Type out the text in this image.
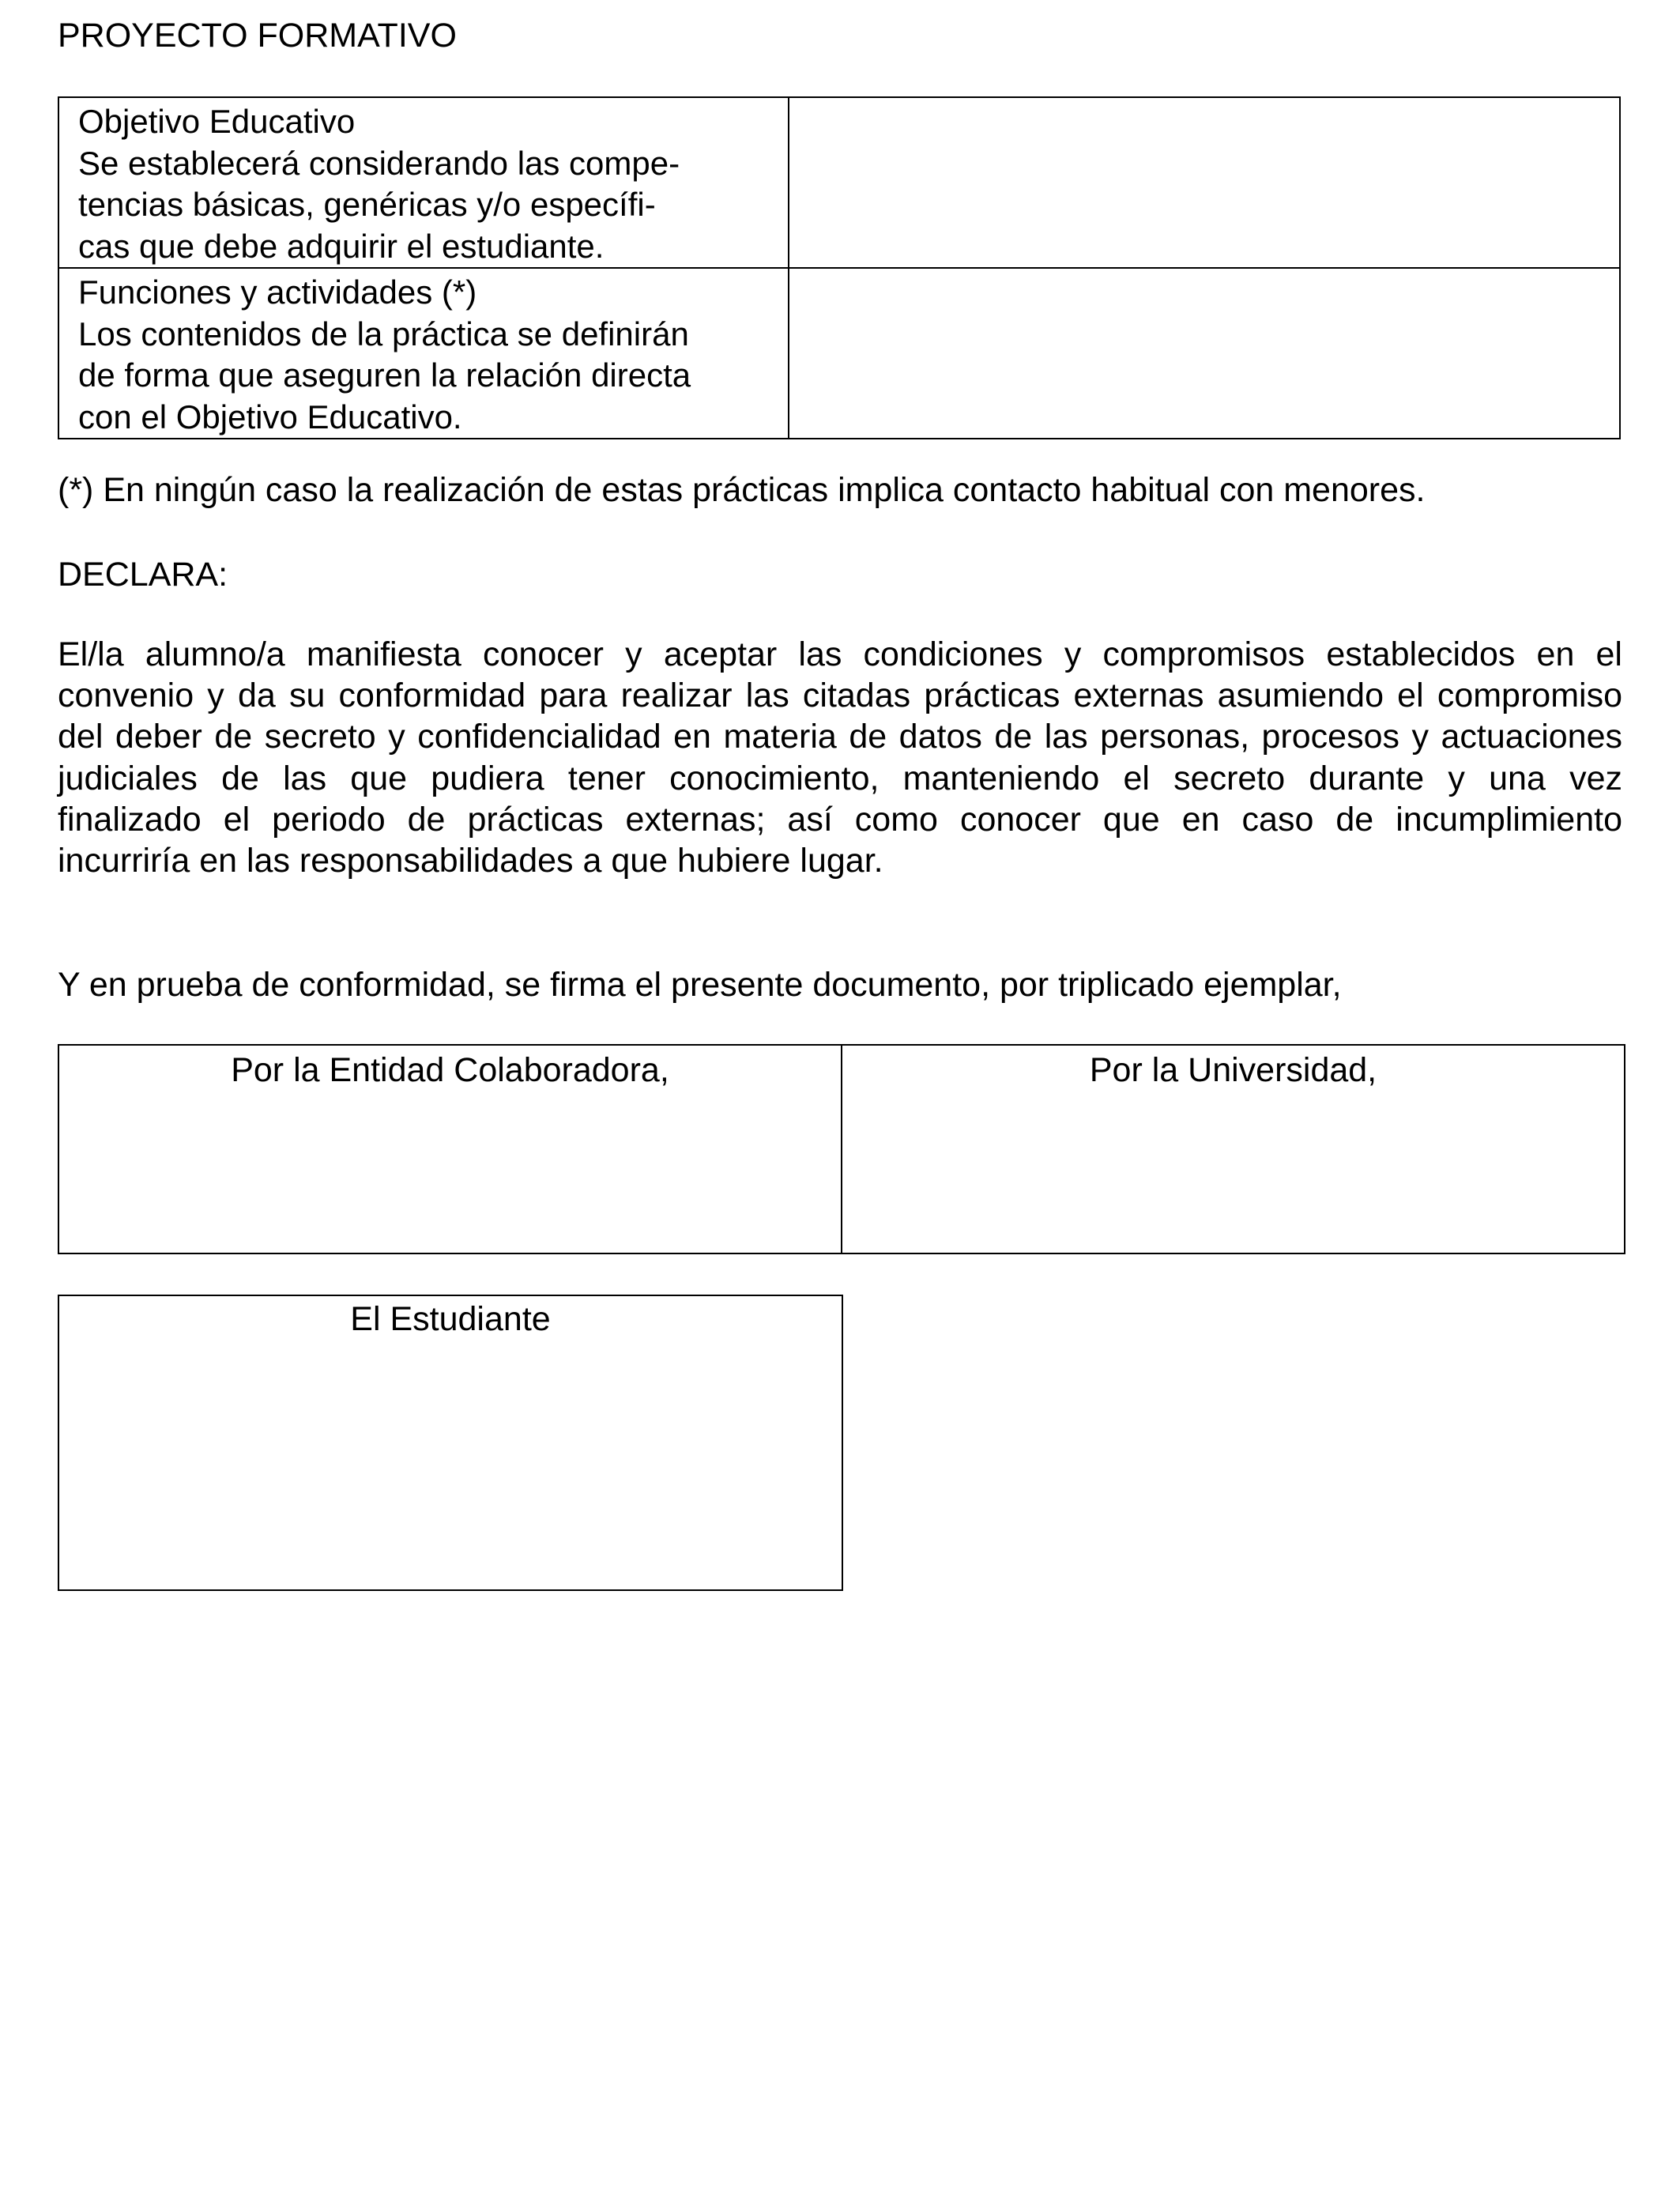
PROYECTO FORMATIVO
Objetivo Educativo
Se establecerá considerando las compe-
tencias básicas, genéricas y/o específi-
cas que debe adquirir el estudiante.	

Funciones y actividades (*)
Los contenidos de la práctica se definirán
de forma que aseguren la relación directa
con el Objetivo Educativo.	

(*) En ningún caso la realización de estas prácticas implica contacto habitual con menores.

DECLARA:

El/la alumno/a manifiesta conocer y aceptar las condiciones y compromisos establecidos en el
convenio y da su conformidad para realizar las citadas prácticas externas asumiendo el compromiso
del deber de secreto y confidencialidad en materia de datos de las personas, procesos y actuaciones
judiciales de las que pudiera tener conocimiento, manteniendo el secreto durante y una vez
finalizado el periodo de prácticas externas; así como conocer que en caso de incumplimiento
incurriría en las responsabilidades a que hubiere lugar.

Y en prueba de conformidad, se firma el presente documento, por triplicado ejemplar,

Por la Entidad Colaboradora,	Por la Universidad,
El Estudiante
